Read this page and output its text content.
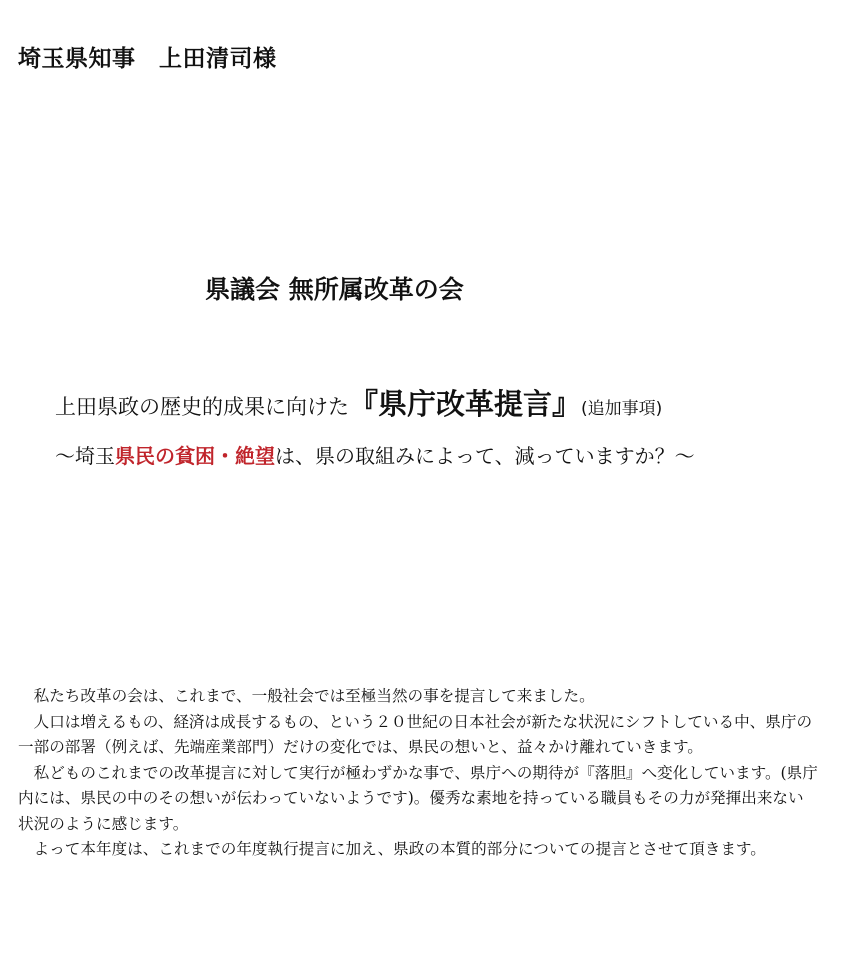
埼玉県知事　上田清司様
県議会 無所属改革の会
上田県政の歴史的成果に向けた『県庁改革提言』(追加事項)
〜埼玉県民の貧困・絶望は、県の取組みによって、減っていますか？〜

私たち改革の会は、これまで、一般社会では至極当然の事を提言して来ました。

人口は増えるもの、経済は成長するもの、という２０世紀の日本社会が新たな状況にシフトしている中、県庁の一部の部署（例えば、先端産業部門）だけの変化では、県民の想いと、益々かけ離れていきます。

私どものこれまでの改革提言に対して実行が極わずかな事で、県庁への期待が『落胆』へ変化しています。(県庁内には、県民の中のその想いが伝わっていないようです)。優秀な素地を持っている職員もその力が発揮出来ない状況のように感じます。

よって本年度は、これまでの年度執行提言に加え、県政の本質的部分についての提言とさせて頂きます。
